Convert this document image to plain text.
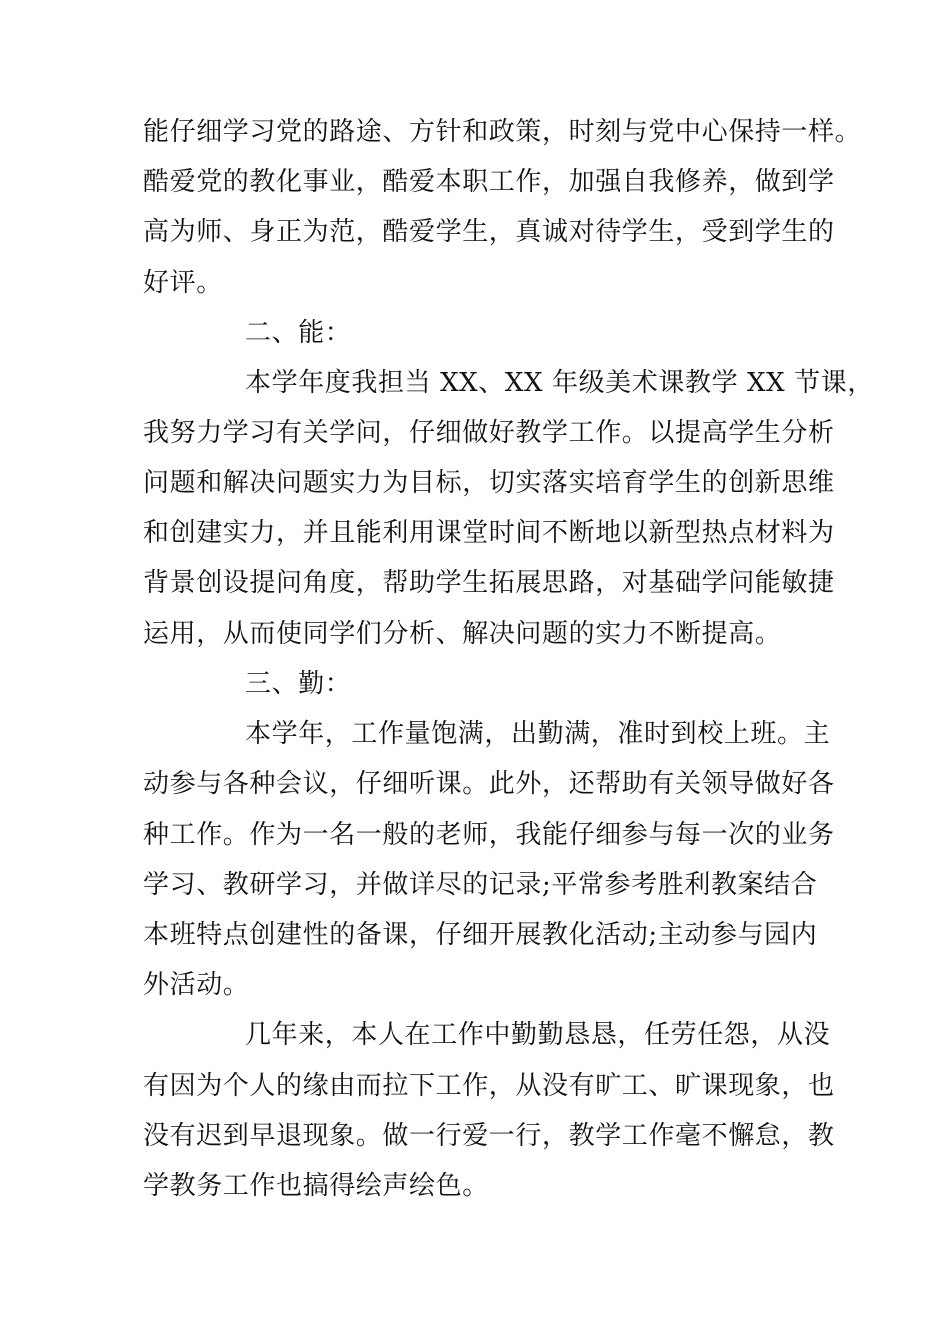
能仔细学习党的路途、方针和政策，时刻与党中心保持一样。
酷爱党的教化事业，酷爱本职工作，加强自我修养，做到学
高为师、身正为范，酷爱学生，真诚对待学生，受到学生的
好评。
二、能：
本学年度我担当 XX、XX 年级美术课教学 XX 节课，
我努力学习有关学问，仔细做好教学工作。以提高学生分析
问题和解决问题实力为目标，切实落实培育学生的创新思维
和创建实力，并且能利用课堂时间不断地以新型热点材料为
背景创设提问角度，帮助学生拓展思路，对基础学问能敏捷
运用，从而使同学们分析、解决问题的实力不断提高。
三、勤：
本学年，工作量饱满，出勤满，准时到校上班。主
动参与各种会议，仔细听课。此外，还帮助有关领导做好各
种工作。作为一名一般的老师，我能仔细参与每一次的业务
学习、教研学习，并做详尽的记录;平常参考胜利教案结合
本班特点创建性的备课，仔细开展教化活动;主动参与园内
外活动。
几年来，本人在工作中勤勤恳恳，任劳任怨，从没
有因为个人的缘由而拉下工作，从没有旷工、旷课现象，也
没有迟到早退现象。做一行爱一行，教学工作毫不懈怠，教
学教务工作也搞得绘声绘色。
